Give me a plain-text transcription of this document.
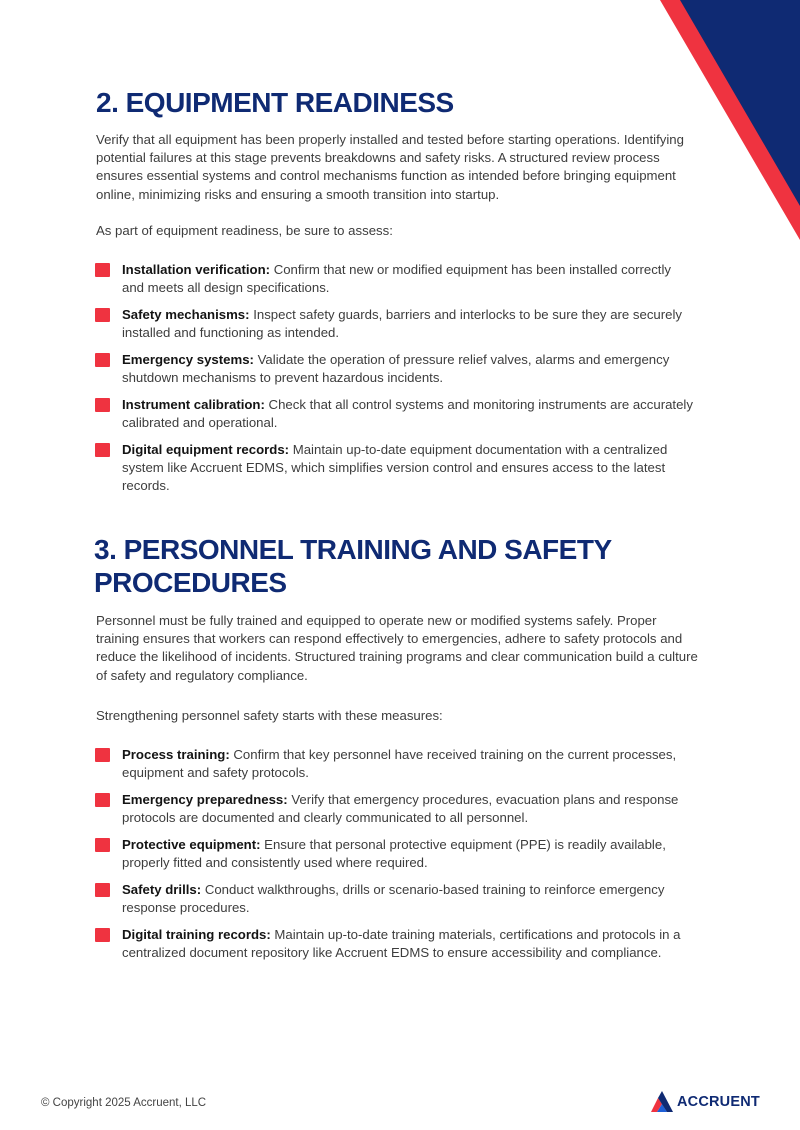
2. EQUIPMENT READINESS

Verify that all equipment has been properly installed and tested before starting operations. Identifying potential failures at this stage prevents breakdowns and safety risks. A structured review process ensures essential systems and control mechanisms function as intended before bringing equipment online, minimizing risks and ensuring a smooth transition into startup.

As part of equipment readiness, be sure to assess:

Installation verification: Confirm that new or modified equipment has been installed correctly and meets all design specifications.
Safety mechanisms: Inspect safety guards, barriers and interlocks to be sure they are securely installed and functioning as intended.
Emergency systems: Validate the operation of pressure relief valves, alarms and emergency shutdown mechanisms to prevent hazardous incidents.
Instrument calibration: Check that all control systems and monitoring instruments are accurately calibrated and operational.
Digital equipment records: Maintain up-to-date equipment documentation with a centralized system like Accruent EDMS, which simplifies version control and ensures access to the latest records.
3. PERSONNEL TRAINING AND SAFETY PROCEDURES

Personnel must be fully trained and equipped to operate new or modified systems safely. Proper training ensures that workers can respond effectively to emergencies, adhere to safety protocols and reduce the likelihood of incidents. Structured training programs and clear communication build a culture of safety and regulatory compliance.

Strengthening personnel safety starts with these measures:

Process training: Confirm that key personnel have received training on the current processes, equipment and safety protocols.
Emergency preparedness: Verify that emergency procedures, evacuation plans and response protocols are documented and clearly communicated to all personnel.
Protective equipment: Ensure that personal protective equipment (PPE) is readily available, properly fitted and consistently used where required.
Safety drills: Conduct walkthroughs, drills or scenario-based training to reinforce emergency response procedures.
Digital training records: Maintain up-to-date training materials, certifications and protocols in a centralized document repository like Accruent EDMS to ensure accessibility and compliance.
© Copyright 2025 Accruent, LLC	ACCRUENT
